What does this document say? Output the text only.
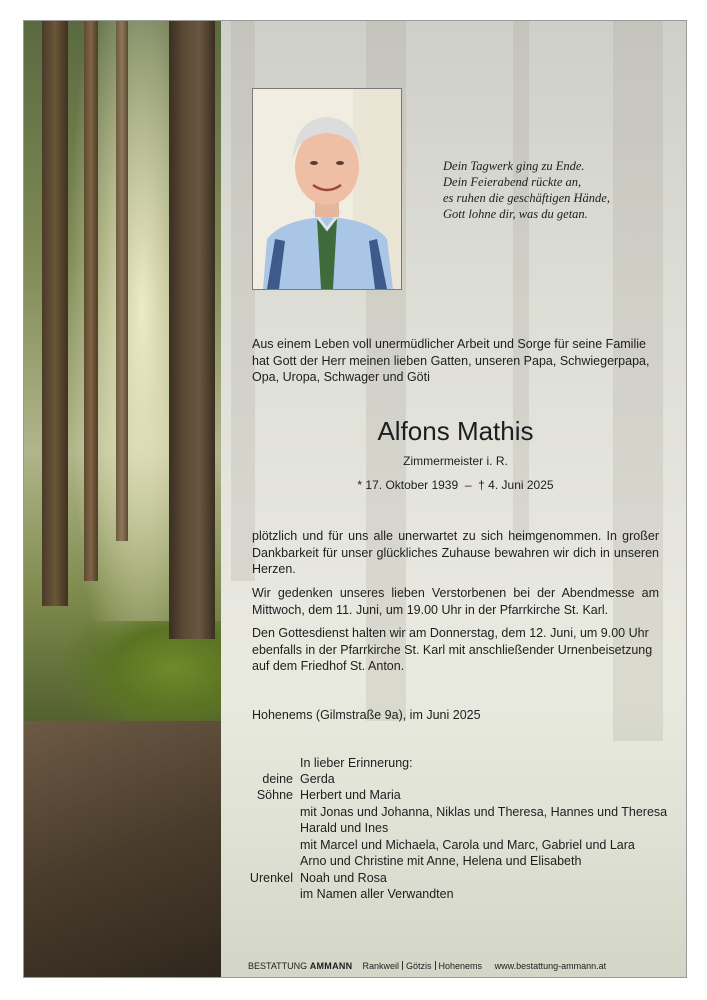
Dein Tagwerk ging zu Ende.
Dein Feierabend rückte an,
es ruhen die geschäftigen Hände,
Gott lohne dir, was du getan.
Aus einem Leben voll unermüdlicher Arbeit und Sorge für seine Familie hat Gott der Herr meinen lieben Gatten, unseren Papa, Schwiegerpapa, Opa, Uropa, Schwager und Göti
Alfons Mathis
Zimmermeister i. R.
* 17. Oktober 1939  –  † 4. Juni 2025
plötzlich und für uns alle unerwartet zu sich heimgenommen. In großer Dankbarkeit für unser glückliches Zuhause bewahren wir dich in unseren Herzen.
Wir gedenken unseres lieben Verstorbenen bei der Abendmesse am Mittwoch, dem 11. Juni, um 19.00 Uhr in der Pfarrkirche St. Karl.
Den Gottesdienst halten wir am Donnerstag, dem 12. Juni, um 9.00 Uhr ebenfalls in der Pfarrkirche St. Karl mit anschließender Urnenbeisetzung auf dem Friedhof St. Anton.
Hohenems (Gilmstraße 9a), im Juni 2025
In lieber Erinnerung:
deine Gerda
Söhne Herbert und Maria
mit Jonas und Johanna, Niklas und Theresa, Hannes und Theresa
Harald und Ines
mit Marcel und Michaela, Carola und Marc, Gabriel und Lara
Arno und Christine mit Anne, Helena und Elisabeth
Urenkel Noah und Rosa
im Namen aller Verwandten
BESTATTUNG AMMANN Rankweil Götzis Hohenems www.bestattung-ammann.at
